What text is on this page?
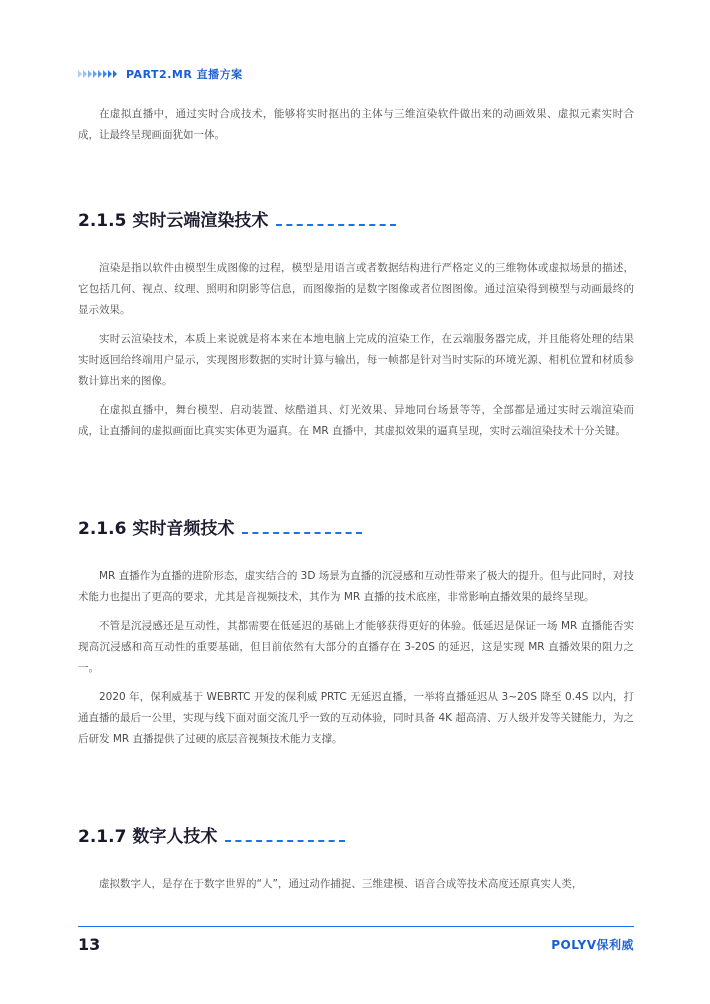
PART2.MR 直播方案

在虚拟直播中，通过实时合成技术，能够将实时抠出的主体与三维渲染软件做出来的动画效果、虚拟元素实时合成，让最终呈现画面犹如一体。

2.1.5 实时云端渲染技术

渲染是指以软件由模型生成图像的过程，模型是用语言或者数据结构进行严格定义的三维物体或虚拟场景的描述，它包括几何、视点、纹理、照明和阴影等信息，而图像指的是数字图像或者位图图像。通过渲染得到模型与动画最终的显示效果。

实时云渲染技术，本质上来说就是将本来在本地电脑上完成的渲染工作，在云端服务器完成，并且能将处理的结果实时返回给终端用户显示，实现图形数据的实时计算与输出，每一帧都是针对当时实际的环境光源、相机位置和材质参数计算出来的图像。

在虚拟直播中，舞台模型、启动装置、炫酷道具、灯光效果、异地同台场景等等，全部都是通过实时云端渲染而成，让直播间的虚拟画面比真实实体更为逼真。在 MR 直播中，其虚拟效果的逼真呈现，实时云端渲染技术十分关键。

2.1.6 实时音频技术

MR 直播作为直播的进阶形态，虚实结合的 3D 场景为直播的沉浸感和互动性带来了极大的提升。但与此同时，对技术能力也提出了更高的要求，尤其是音视频技术，其作为 MR 直播的技术底座，非常影响直播效果的最终呈现。

不管是沉浸感还是互动性，其都需要在低延迟的基础上才能够获得更好的体验。低延迟是保证一场 MR 直播能否实现高沉浸感和高互动性的重要基础，但目前依然有大部分的直播存在 3-20S 的延迟，这是实现 MR 直播效果的阻力之一。

2020 年，保利威基于 WEBRTC 开发的保利威 PRTC 无延迟直播，一举将直播延迟从 3~20S 降至 0.4S 以内，打通直播的最后一公里，实现与线下面对面交流几乎一致的互动体验，同时具备 4K 超高清、万人级并发等关键能力，为之后研发 MR 直播提供了过硬的底层音视频技术能力支撑。

2.1.7 数字人技术

虚拟数字人，是存在于数字世界的“人”，通过动作捕捉、三维建模、语音合成等技术高度还原真实人类，

13	POLYV保利威
